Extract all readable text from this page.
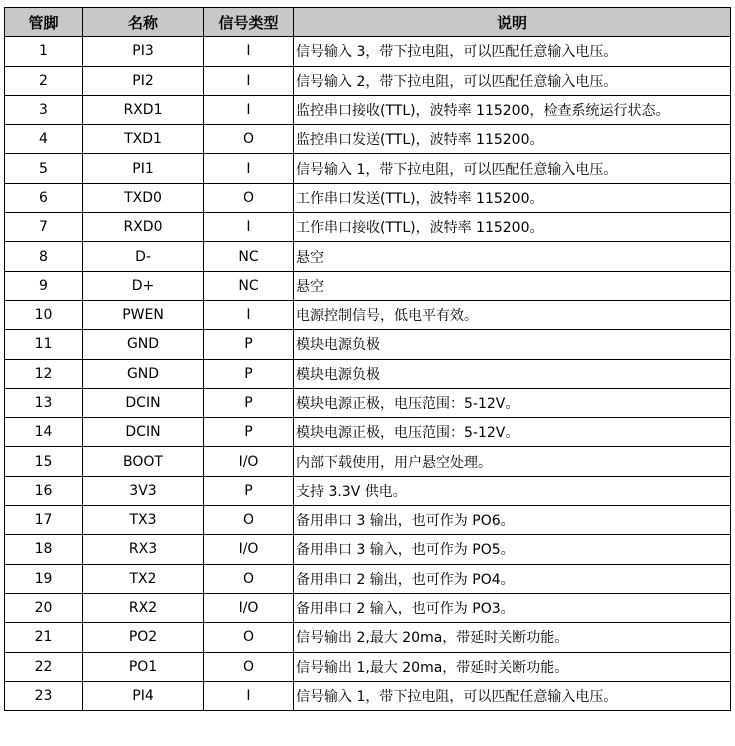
管脚	名称	信号类型	说明
1	PI3	I	信号输入 3，带下拉电阻，可以匹配任意输入电压。
2	PI2	I	信号输入 2，带下拉电阻，可以匹配任意输入电压。
3	RXD1	I	监控串口接收(TTL)，波特率 115200，检查系统运行状态。
4	TXD1	O	监控串口发送(TTL)，波特率 115200。
5	PI1	I	信号输入 1，带下拉电阻，可以匹配任意输入电压。
6	TXD0	O	工作串口发送(TTL)，波特率 115200。
7	RXD0	I	工作串口接收(TTL)，波特率 115200。
8	D-	NC	悬空
9	D+	NC	悬空
10	PWEN	I	电源控制信号，低电平有效。
11	GND	P	模块电源负极
12	GND	P	模块电源负极
13	DCIN	P	模块电源正极，电压范围：5-12V。
14	DCIN	P	模块电源正极，电压范围：5-12V。
15	BOOT	I/O	内部下载使用，用户悬空处理。
16	3V3	P	支持 3.3V 供电。
17	TX3	O	备用串口 3 输出，也可作为 PO6。
18	RX3	I/O	备用串口 3 输入，也可作为 PO5。
19	TX2	O	备用串口 2 输出，也可作为 PO4。
20	RX2	I/O	备用串口 2 输入，也可作为 PO3。
21	PO2	O	信号输出 2,最大 20ma，带延时关断功能。
22	PO1	O	信号输出 1,最大 20ma，带延时关断功能。
23	PI4	I	信号输入 1，带下拉电阻，可以匹配任意输入电压。
